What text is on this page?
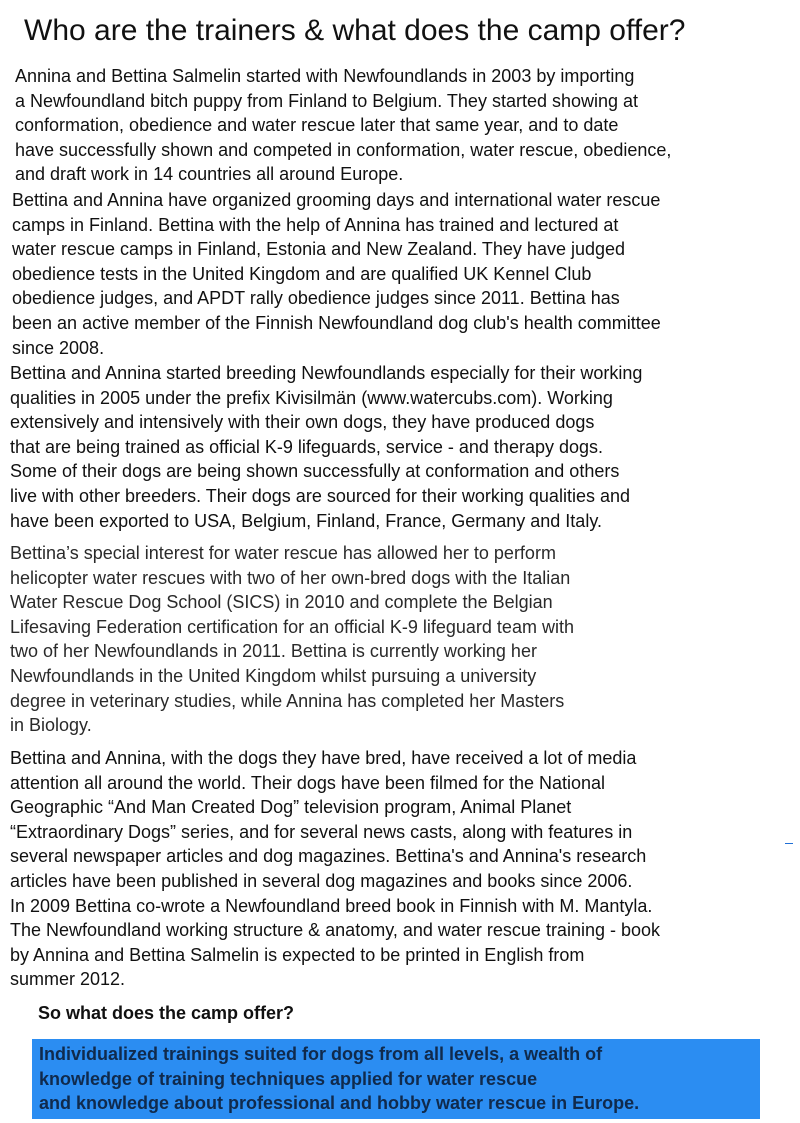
Who are the trainers & what does the camp offer?
Annina and Bettina Salmelin started with Newfoundlands in 2003 by importing
a Newfoundland bitch puppy from Finland to Belgium. They started showing at
conformation, obedience and water rescue later that same year, and to date
have successfully shown and competed in conformation, water rescue, obedience,
and draft work in 14 countries all around Europe.
Bettina and Annina have organized grooming days and international water rescue
camps in Finland. Bettina with the help of Annina has trained and lectured at
water rescue camps in Finland, Estonia and New Zealand. They have judged
obedience tests in the United Kingdom and are qualified UK Kennel Club
obedience judges, and APDT rally obedience judges since 2011. Bettina has
been an active member of the Finnish Newfoundland dog club's health committee
since 2008.
Bettina and Annina started breeding Newfoundlands especially for their working
qualities in 2005 under the prefix Kivisilmän (www.watercubs.com). Working
extensively and intensively with their own dogs, they have produced dogs
that are being trained as official K-9 lifeguards, service - and therapy dogs.
Some of their dogs are being shown successfully at conformation and others
live with other breeders. Their dogs are sourced for their working qualities and
have been exported to USA, Belgium, Finland, France, Germany and Italy.
Bettina’s special interest for water rescue has allowed her to perform
helicopter water rescues with two of her own-bred dogs with the Italian
Water Rescue Dog School (SICS) in 2010 and complete the Belgian
Lifesaving Federation certification for an official K-9 lifeguard team with
two of her Newfoundlands in 2011. Bettina is currently working her
Newfoundlands in the United Kingdom whilst pursuing a university
degree in veterinary studies, while Annina has completed her Masters
in Biology.
Bettina and Annina, with the dogs they have bred, have received a lot of media
attention all around the world. Their dogs have been filmed for the National
Geographic “And Man Created Dog” television program, Animal Planet
“Extraordinary Dogs” series, and for several news casts, along with features in
several newspaper articles and dog magazines. Bettina's and Annina's research
articles have been published in several dog magazines and books since 2006.
In 2009 Bettina co-wrote a Newfoundland breed book in Finnish with M. Mantyla.
The Newfoundland working structure & anatomy, and water rescue training - book
by Annina and Bettina Salmelin is expected to be printed in English from
summer 2012.
So what does the camp offer?
Individualized trainings suited for dogs from all levels, a wealth of
knowledge of training techniques applied for water rescue
and knowledge about professional and hobby water rescue in Europe.
